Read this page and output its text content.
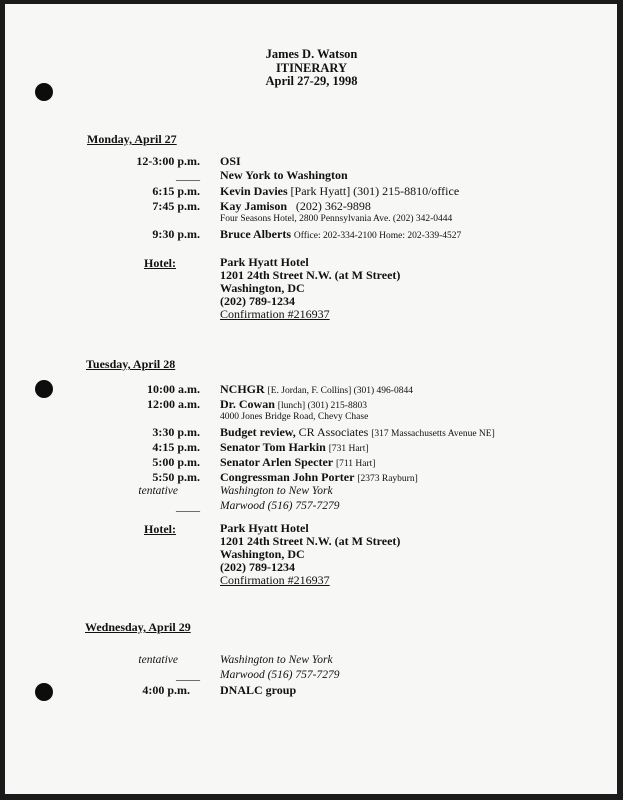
James D. Watson
ITINERARY
April 27-29, 1998
Monday, April 27
12-3:00 p.m. OSI
____ New York to Washington
6:15 p.m. Kevin Davies [Park Hyatt] (301) 215-8810/office
7:45 p.m. Kay Jamison (202) 362-9898
Four Seasons Hotel, 2800 Pennsylvania Ave. (202) 342-0444
9:30 p.m. Bruce Alberts Office: 202-334-2100 Home: 202-339-4527
Hotel:	Park Hyatt Hotel
1201 24th Street N.W. (at M Street)
Washington, DC
(202) 789-1234
Confirmation #216937
Tuesday, April 28
10:00 a.m. NCHGR [E. Jordan, F. Collins] (301) 496-0844
12:00 a.m. Dr. Cowan [lunch] (301) 215-8803
4000 Jones Bridge Road, Chevy Chase
3:30 p.m. Budget review, CR Associates [317 Massachusetts Avenue NE]
4:15 p.m. Senator Tom Harkin [731 Hart]
5:00 p.m. Senator Arlen Specter [711 Hart]
5:50 p.m. Congressman John Porter [2373 Rayburn]
tentative	Washington to New York
____ Marwood (516) 757-7279
Hotel:	Park Hyatt Hotel
1201 24th Street N.W. (at M Street)
Washington, DC
(202) 789-1234
Confirmation #216937
Wednesday, April 29
tentative	Washington to New York
____ Marwood (516) 757-7279
4:00 p.m.	DNALC group
